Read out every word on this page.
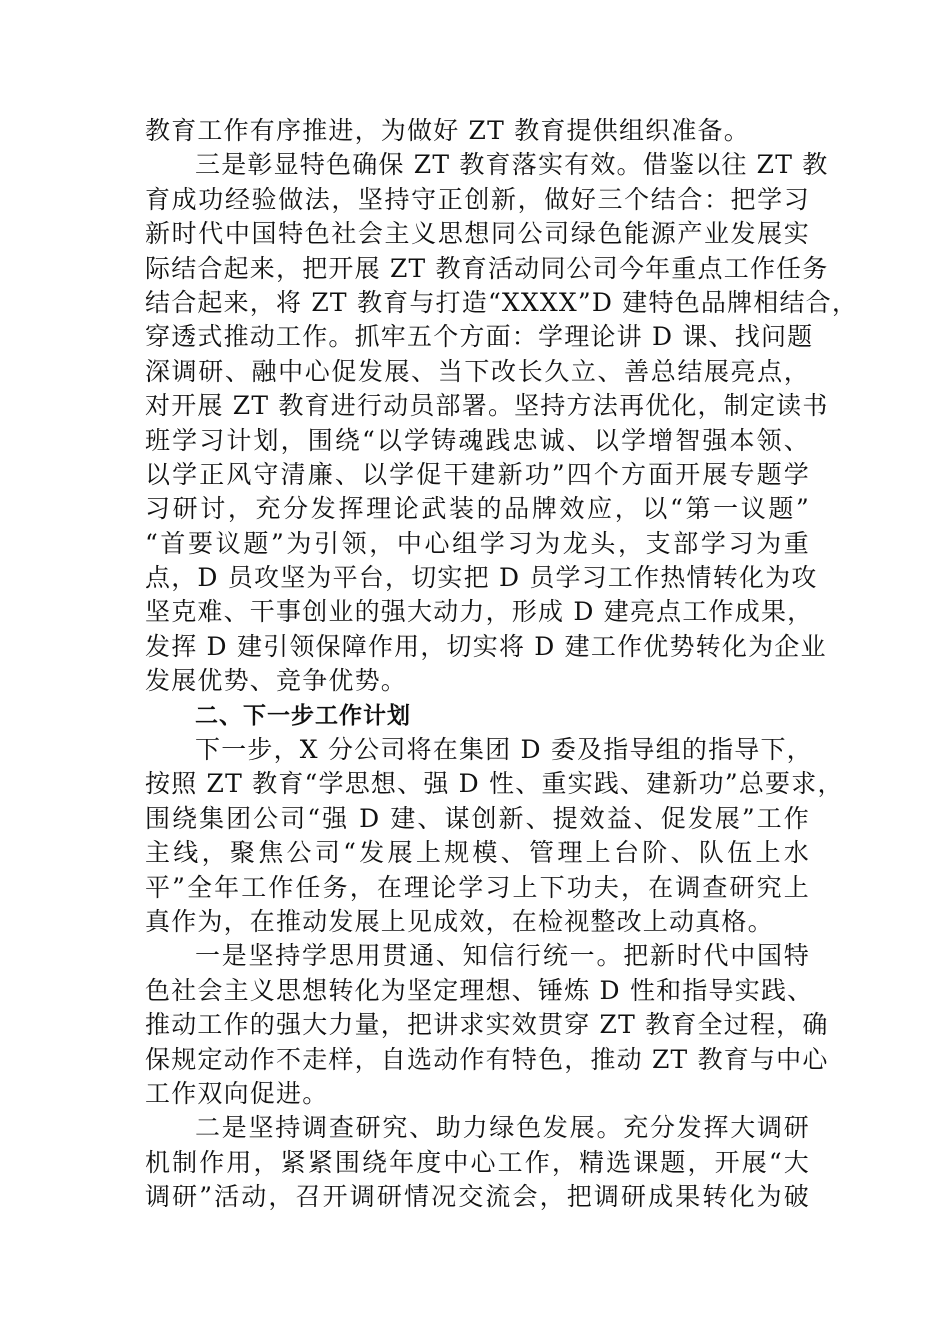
教育工作有序推进，为做好 ZT 教育提供组织准备。
三是彰显特色确保 ZT 教育落实有效。借鉴以往 ZT 教
育成功经验做法，坚持守正创新，做好三个结合：把学习
新时代中国特色社会主义思想同公司绿色能源产业发展实
际结合起来，把开展 ZT 教育活动同公司今年重点工作任务
结合起来，将 ZT 教育与打造“XXXX”D 建特色品牌相结合，
穿透式推动工作。抓牢五个方面：学理论讲 D 课、找问题
深调研、融中心促发展、当下改长久立、善总结展亮点，
对开展 ZT 教育进行动员部署。坚持方法再优化，制定读书
班学习计划，围绕“以学铸魂践忠诚、以学增智强本领、
以学正风守清廉、以学促干建新功”四个方面开展专题学
习研讨，充分发挥理论武装的品牌效应，以“第一议题”
“首要议题”为引领，中心组学习为龙头，支部学习为重
点，D 员攻坚为平台，切实把 D 员学习工作热情转化为攻
坚克难、干事创业的强大动力，形成 D 建亮点工作成果，
发挥 D 建引领保障作用，切实将 D 建工作优势转化为企业
发展优势、竞争优势。
二、下一步工作计划
下一步，X 分公司将在集团 D 委及指导组的指导下，
按照 ZT 教育“学思想、强 D 性、重实践、建新功”总要求，
围绕集团公司“强 D 建、谋创新、提效益、促发展”工作
主线，聚焦公司“发展上规模、管理上台阶、队伍上水
平”全年工作任务，在理论学习上下功夫，在调查研究上
真作为，在推动发展上见成效，在检视整改上动真格。
一是坚持学思用贯通、知信行统一。把新时代中国特
色社会主义思想转化为坚定理想、锤炼 D 性和指导实践、
推动工作的强大力量，把讲求实效贯穿 ZT 教育全过程，确
保规定动作不走样，自选动作有特色，推动 ZT 教育与中心
工作双向促进。
二是坚持调查研究、助力绿色发展。充分发挥大调研
机制作用，紧紧围绕年度中心工作，精选课题，开展“大
调研”活动，召开调研情况交流会，把调研成果转化为破
